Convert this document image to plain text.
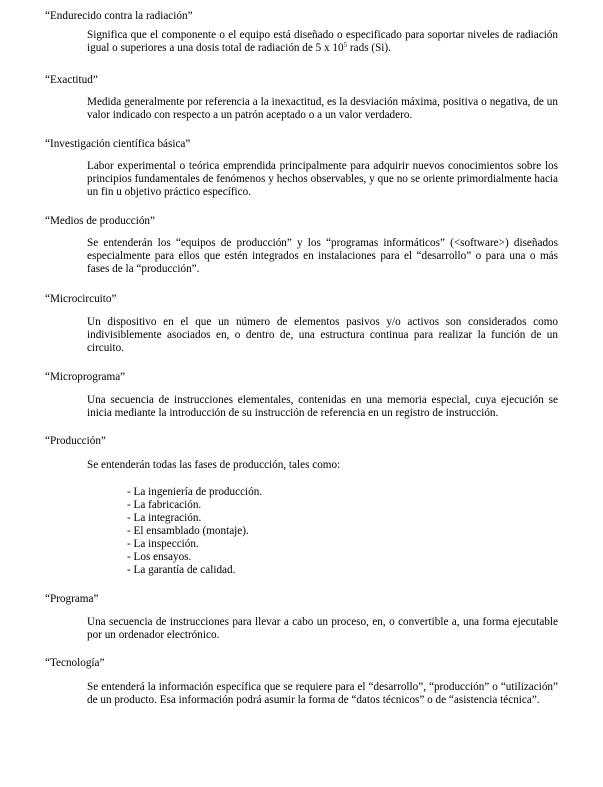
“Endurecido contra la radiación”

Significa que el componente o el equipo está diseñado o especificado para soportar niveles de radiación igual o superiores a una dosis total de radiación de 5 x $10^5$ rads (Si).

“Exactitud”

Medida generalmente por referencia a la inexactitud, es la desviación máxima, positiva o negativa, de un valor indicado con respecto a un patrón aceptado o a un valor verdadero.

“Investigación científica básica”

Labor experimental o teórica emprendida principalmente para adquirir nuevos conocimientos sobre los principios fundamentales de fenómenos y hechos observables, y que no se oriente primordialmente hacia un fin u objetivo práctico específico.

“Medios de producción”

Se entenderán los “equipos de producción” y los “programas informáticos” (<software>) diseñados especialmente para ellos que estén integrados en instalaciones para el “desarrollo” o para una o más fases de la “producción”.

“Microcircuito”

Un dispositivo en el que un número de elementos pasivos y/o activos son considerados como indivisiblemente asociados en, o dentro de, una estructura continua para realizar la función de un circuito.

“Microprograma”

Una secuencia de instrucciones elementales, contenidas en una memoria especial, cuya ejecución se inicia mediante la introducción de su instrucción de referencia en un registro de instrucción.

“Producción”

Se entenderán todas las fases de producción, tales como:

- La ingeniería de producción.
- La fabricación.
- La integración.
- El ensamblado (montaje).
- La inspección.
- Los ensayos.
- La garantía de calidad.

“Programa”

Una secuencia de instrucciones para llevar a cabo un proceso, en, o convertible a, una forma ejecutable por un ordenador electrónico.

“Tecnología”

Se entenderá la información específica que se requiere para el “desarrollo”, “producción” o “utilización” de un producto. Esa información podrá asumir la forma de “datos técnicos” o de “asistencia técnica”.
